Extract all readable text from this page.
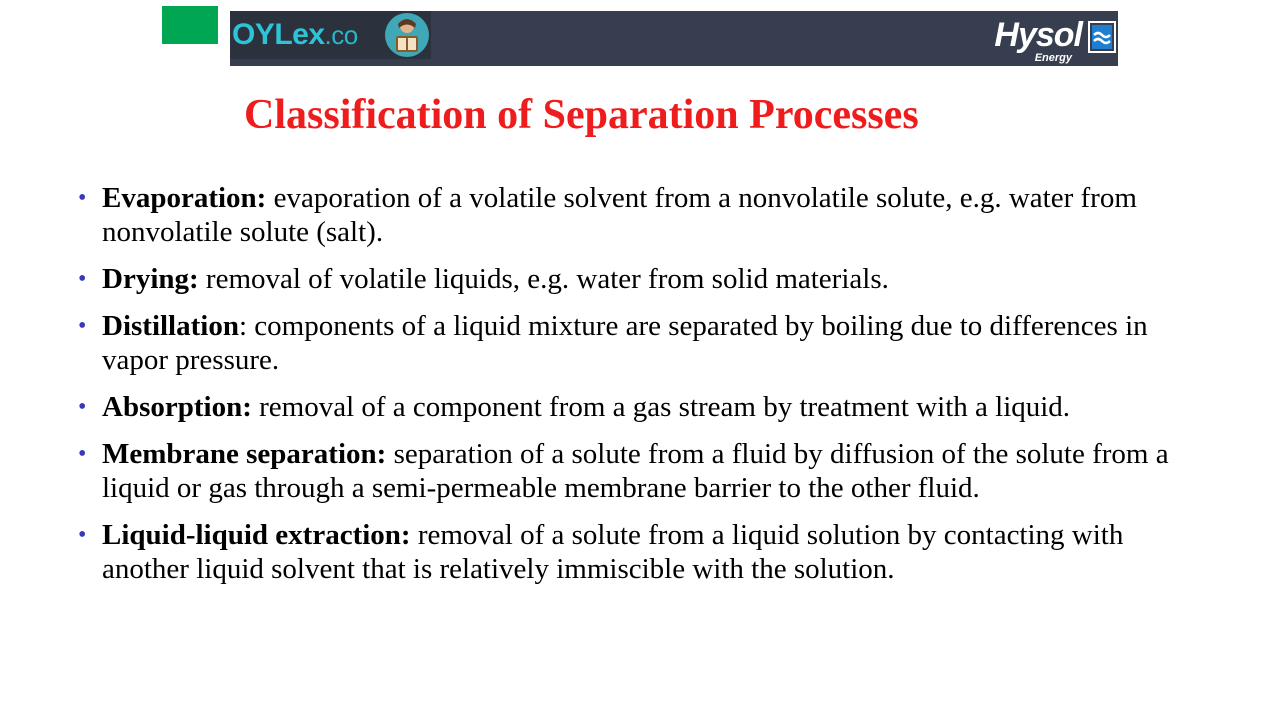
OYLex.co	Hysol
Energy
Classification of Separation Processes
• Evaporation: evaporation of a volatile solvent from a nonvolatile solute, e.g. water from nonvolatile solute (salt).
• Drying: removal of volatile liquids, e.g. water from solid materials.
• Distillation: components of a liquid mixture are separated by boiling due to differences in vapor pressure.
• Absorption: removal of a component from a gas stream by treatment with a liquid.
• Membrane separation: separation of a solute from a fluid by diffusion of the solute from a liquid or gas through a semi-permeable membrane barrier to the other fluid.
• Liquid-liquid extraction: removal of a solute from a liquid solution by contacting with another liquid solvent that is relatively immiscible with the solution.
